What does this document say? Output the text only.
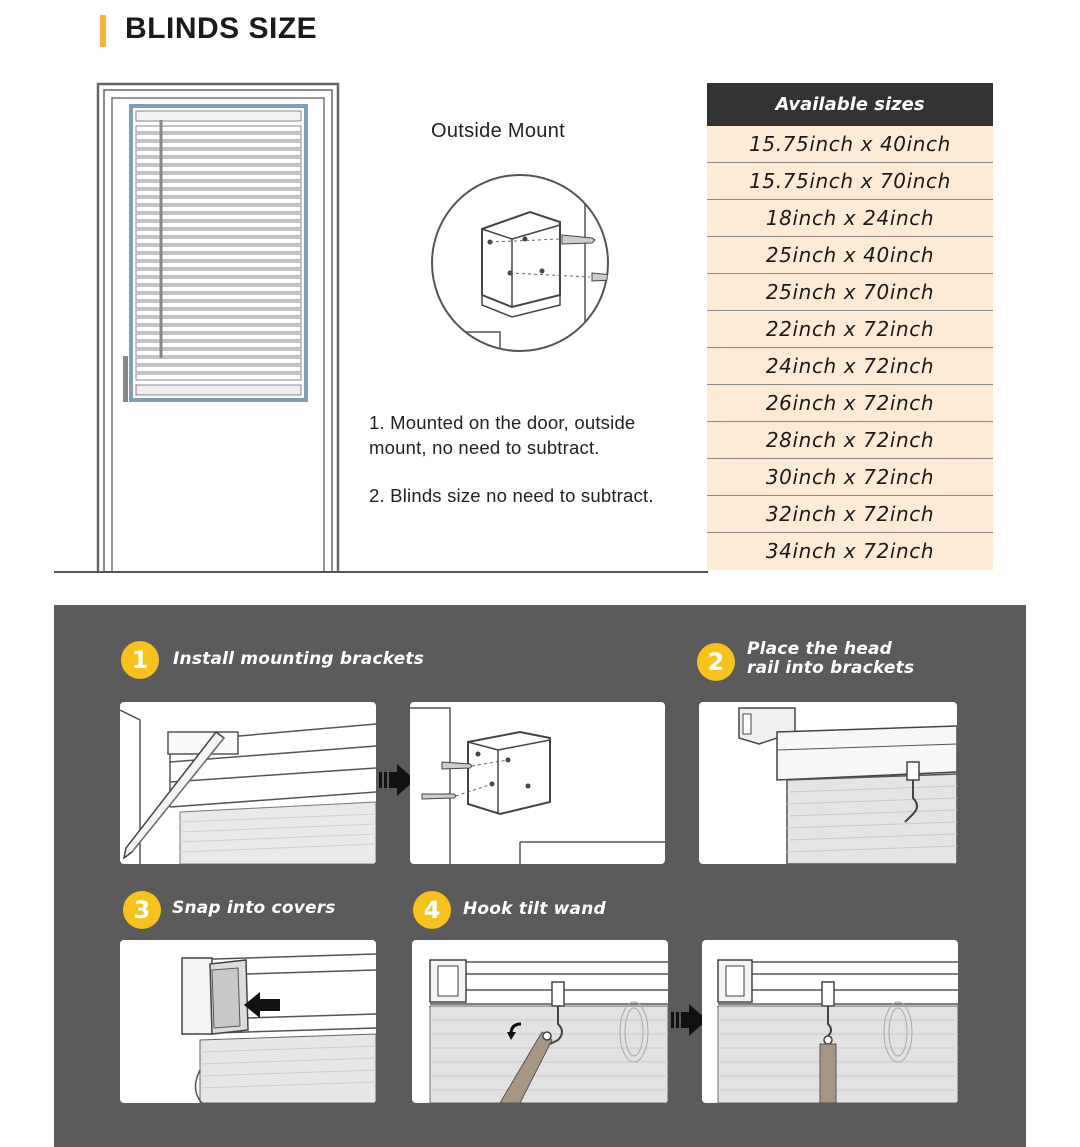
BLINDS SIZE
Outside Mount
1. Mounted on the door, outside mount, no need to subtract.
2. Blinds size no need to subtract.
Available sizes
15.75inch x 40inch
15.75inch x 70inch
18inch x 24inch
25inch x 40inch
25inch x 70inch
22inch x 72inch
24inch x 72inch
26inch x 72inch
28inch x 72inch
30inch x 72inch
32inch x 72inch
34inch x 72inch
1	Install mounting brackets	2	Place the head
rail into brackets
3	Snap into covers	4	Hook tilt wand
